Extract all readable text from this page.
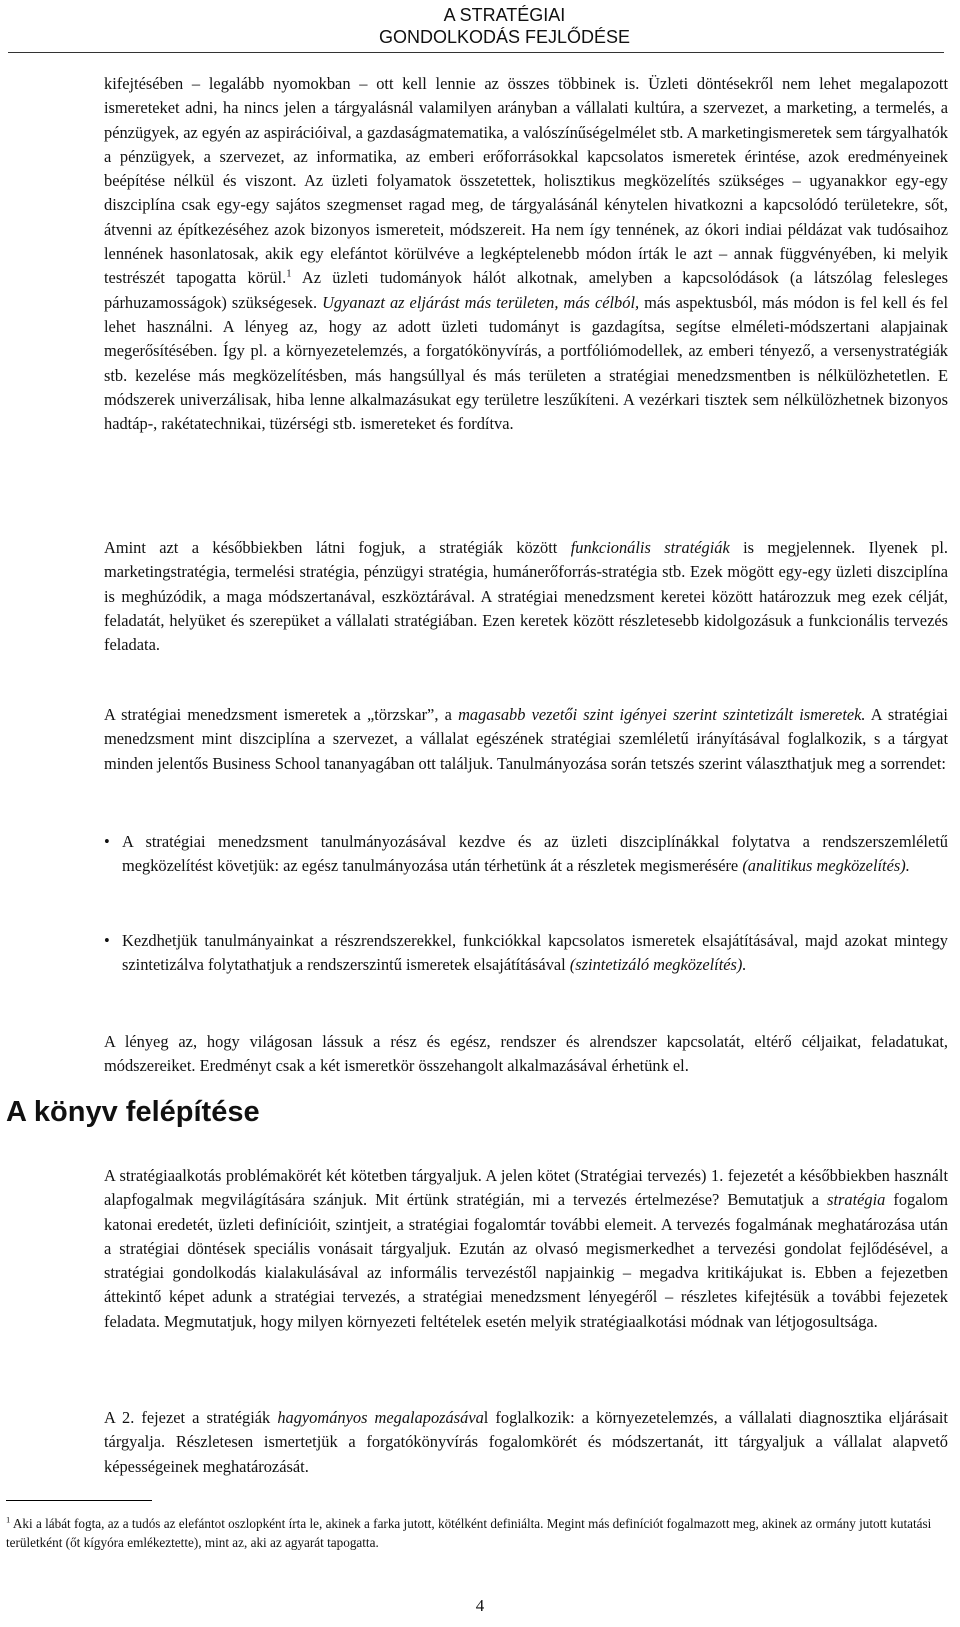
A STRATÉGIAI
GONDOLKODÁS FEJLŐDÉSE

kifejtésében – legalább nyomokban – ott kell lennie az összes többinek is. Üzleti döntésekről nem lehet megalapozott ismereteket adni, ha nincs jelen a tárgyalásnál valamilyen arányban a vállalati kultúra, a szervezet, a marketing, a termelés, a pénzügyek, az egyén az aspirációival, a gazdaságmatematika, a valószínűségelmélet stb. A marketingismeretek sem tárgyalhatók a pénzügyek, a szervezet, az informatika, az emberi erőforrásokkal kapcsolatos ismeretek érintése, azok eredményeinek beépítése nélkül és viszont. Az üzleti folyamatok összetettek, holisztikus megközelítés szükséges – ugyanakkor egy-egy diszciplína csak egy-egy sajátos szegmenset ragad meg, de tárgyalásánál kénytelen hivatkozni a kapcsolódó területekre, sőt, átvenni az építkezéséhez azok bizonyos ismereteit, módszereit. Ha nem így tennének, az ókori indiai példázat vak tudósaihoz lennének hasonlatosak, akik egy elefántot körülvéve a legképtelenebb módon írták le azt – annak függvényében, ki melyik testrészét tapogatta körül.$^1$ Az üzleti tudományok hálót alkotnak, amelyben a kapcsolódások (a látszólag felesleges párhuzamosságok) szükségesek. Ugyanazt az eljárást más területen, más célból, más aspektusból, más módon is fel kell és fel lehet használni. A lényeg az, hogy az adott üzleti tudományt is gazdagítsa, segítse elméleti-módszertani alapjainak megerősítésében. Így pl. a környezetelemzés, a forgatókönyvírás, a portfóliómodellek, az emberi tényező, a versenystratégiák stb. kezelése más megközelítésben, más hangsúllyal és más területen a stratégiai menedzsmentben is nélkülözhetetlen. E módszerek univerzálisak, hiba lenne alkalmazásukat egy területre leszűkíteni. A vezérkari tisztek sem nélkülözhetnek bizonyos hadtáp-, rakétatechnikai, tüzérségi stb. ismereteket és fordítva.

Amint azt a későbbiekben látni fogjuk, a stratégiák között funkcionális stratégiák is megjelennek. Ilyenek pl. marketingstratégia, termelési stratégia, pénzügyi stratégia, humánerőforrás-stratégia stb. Ezek mögött egy-egy üzleti diszciplína is meghúzódik, a maga módszertanával, eszköztárával. A stratégiai menedzsment keretei között határozzuk meg ezek célját, feladatát, helyüket és szerepüket a vállalati stratégiában. Ezen keretek között részletesebb kidolgozásuk a funkcionális tervezés feladata.

A stratégiai menedzsment ismeretek a „törzskar”, a magasabb vezetői szint igényei szerint szintetizált ismeretek. A stratégiai menedzsment mint diszciplína a szervezet, a vállalat egészének stratégiai szemléletű irányításával foglalkozik, s a tárgyat minden jelentős Business School tananyagában ott találjuk. Tanulmányozása során tetszés szerint választhatjuk meg a sorrendet:

• A stratégiai menedzsment tanulmányozásával kezdve és az üzleti diszciplínákkal folytatva a rendszerszemléletű megközelítést követjük: az egész tanulmányozása után térhetünk át a részletek megismerésére (analitikus megközelítés).
• Kezdhetjük tanulmányainkat a részrendszerekkel, funkciókkal kapcsolatos ismeretek elsajátításával, majd azokat mintegy szintetizálva folytathatjuk a rendszerszintű ismeretek elsajátításával (szintetizáló megközelítés).

A lényeg az, hogy világosan lássuk a rész és egész, rendszer és alrendszer kapcsolatát, eltérő céljaikat, feladatukat, módszereiket. Eredményt csak a két ismeretkör összehangolt alkalmazásával érhetünk el.

A könyv felépítése

A stratégiaalkotás problémakörét két kötetben tárgyaljuk. A jelen kötet (Stratégiai tervezés) 1. fejezetét a későbbiekben használt alapfogalmak megvilágítására szánjuk. Mit értünk stratégián, mi a tervezés értelmezése? Bemutatjuk a stratégia fogalom katonai eredetét, üzleti definícióit, szintjeit, a stratégiai fogalomtár további elemeit. A tervezés fogalmának meghatározása után a stratégiai döntések speciális vonásait tárgyaljuk. Ezután az olvasó megismerkedhet a tervezési gondolat fejlődésével, a stratégiai gondolkodás kialakulásával az informális tervezéstől napjainkig – megadva kritikájukat is. Ebben a fejezetben áttekintő képet adunk a stratégiai tervezés, a stratégiai menedzsment lényegéről – részletes kifejtésük a további fejezetek feladata. Megmutatjuk, hogy milyen környezeti feltételek esetén melyik stratégiaalkotási módnak van létjogosultsága.

A 2. fejezet a stratégiák hagyományos megalapozásával foglalkozik: a környezetelemzés, a vállalati diagnosztika eljárásait tárgyalja. Részletesen ismertetjük a forgatókönyvírás fogalomkörét és módszertanát, itt tárgyaljuk a vállalat alapvető képességeinek meghatározását.

$^1$ Aki a lábát fogta, az a tudós az elefántot oszlopként írta le, akinek a farka jutott, kötélként definiálta. Megint más definíciót fogalmazott meg, akinek az ormány jutott kutatási területként (őt kígyóra emlékeztette), mint az, aki az agyarát tapogatta.

4
